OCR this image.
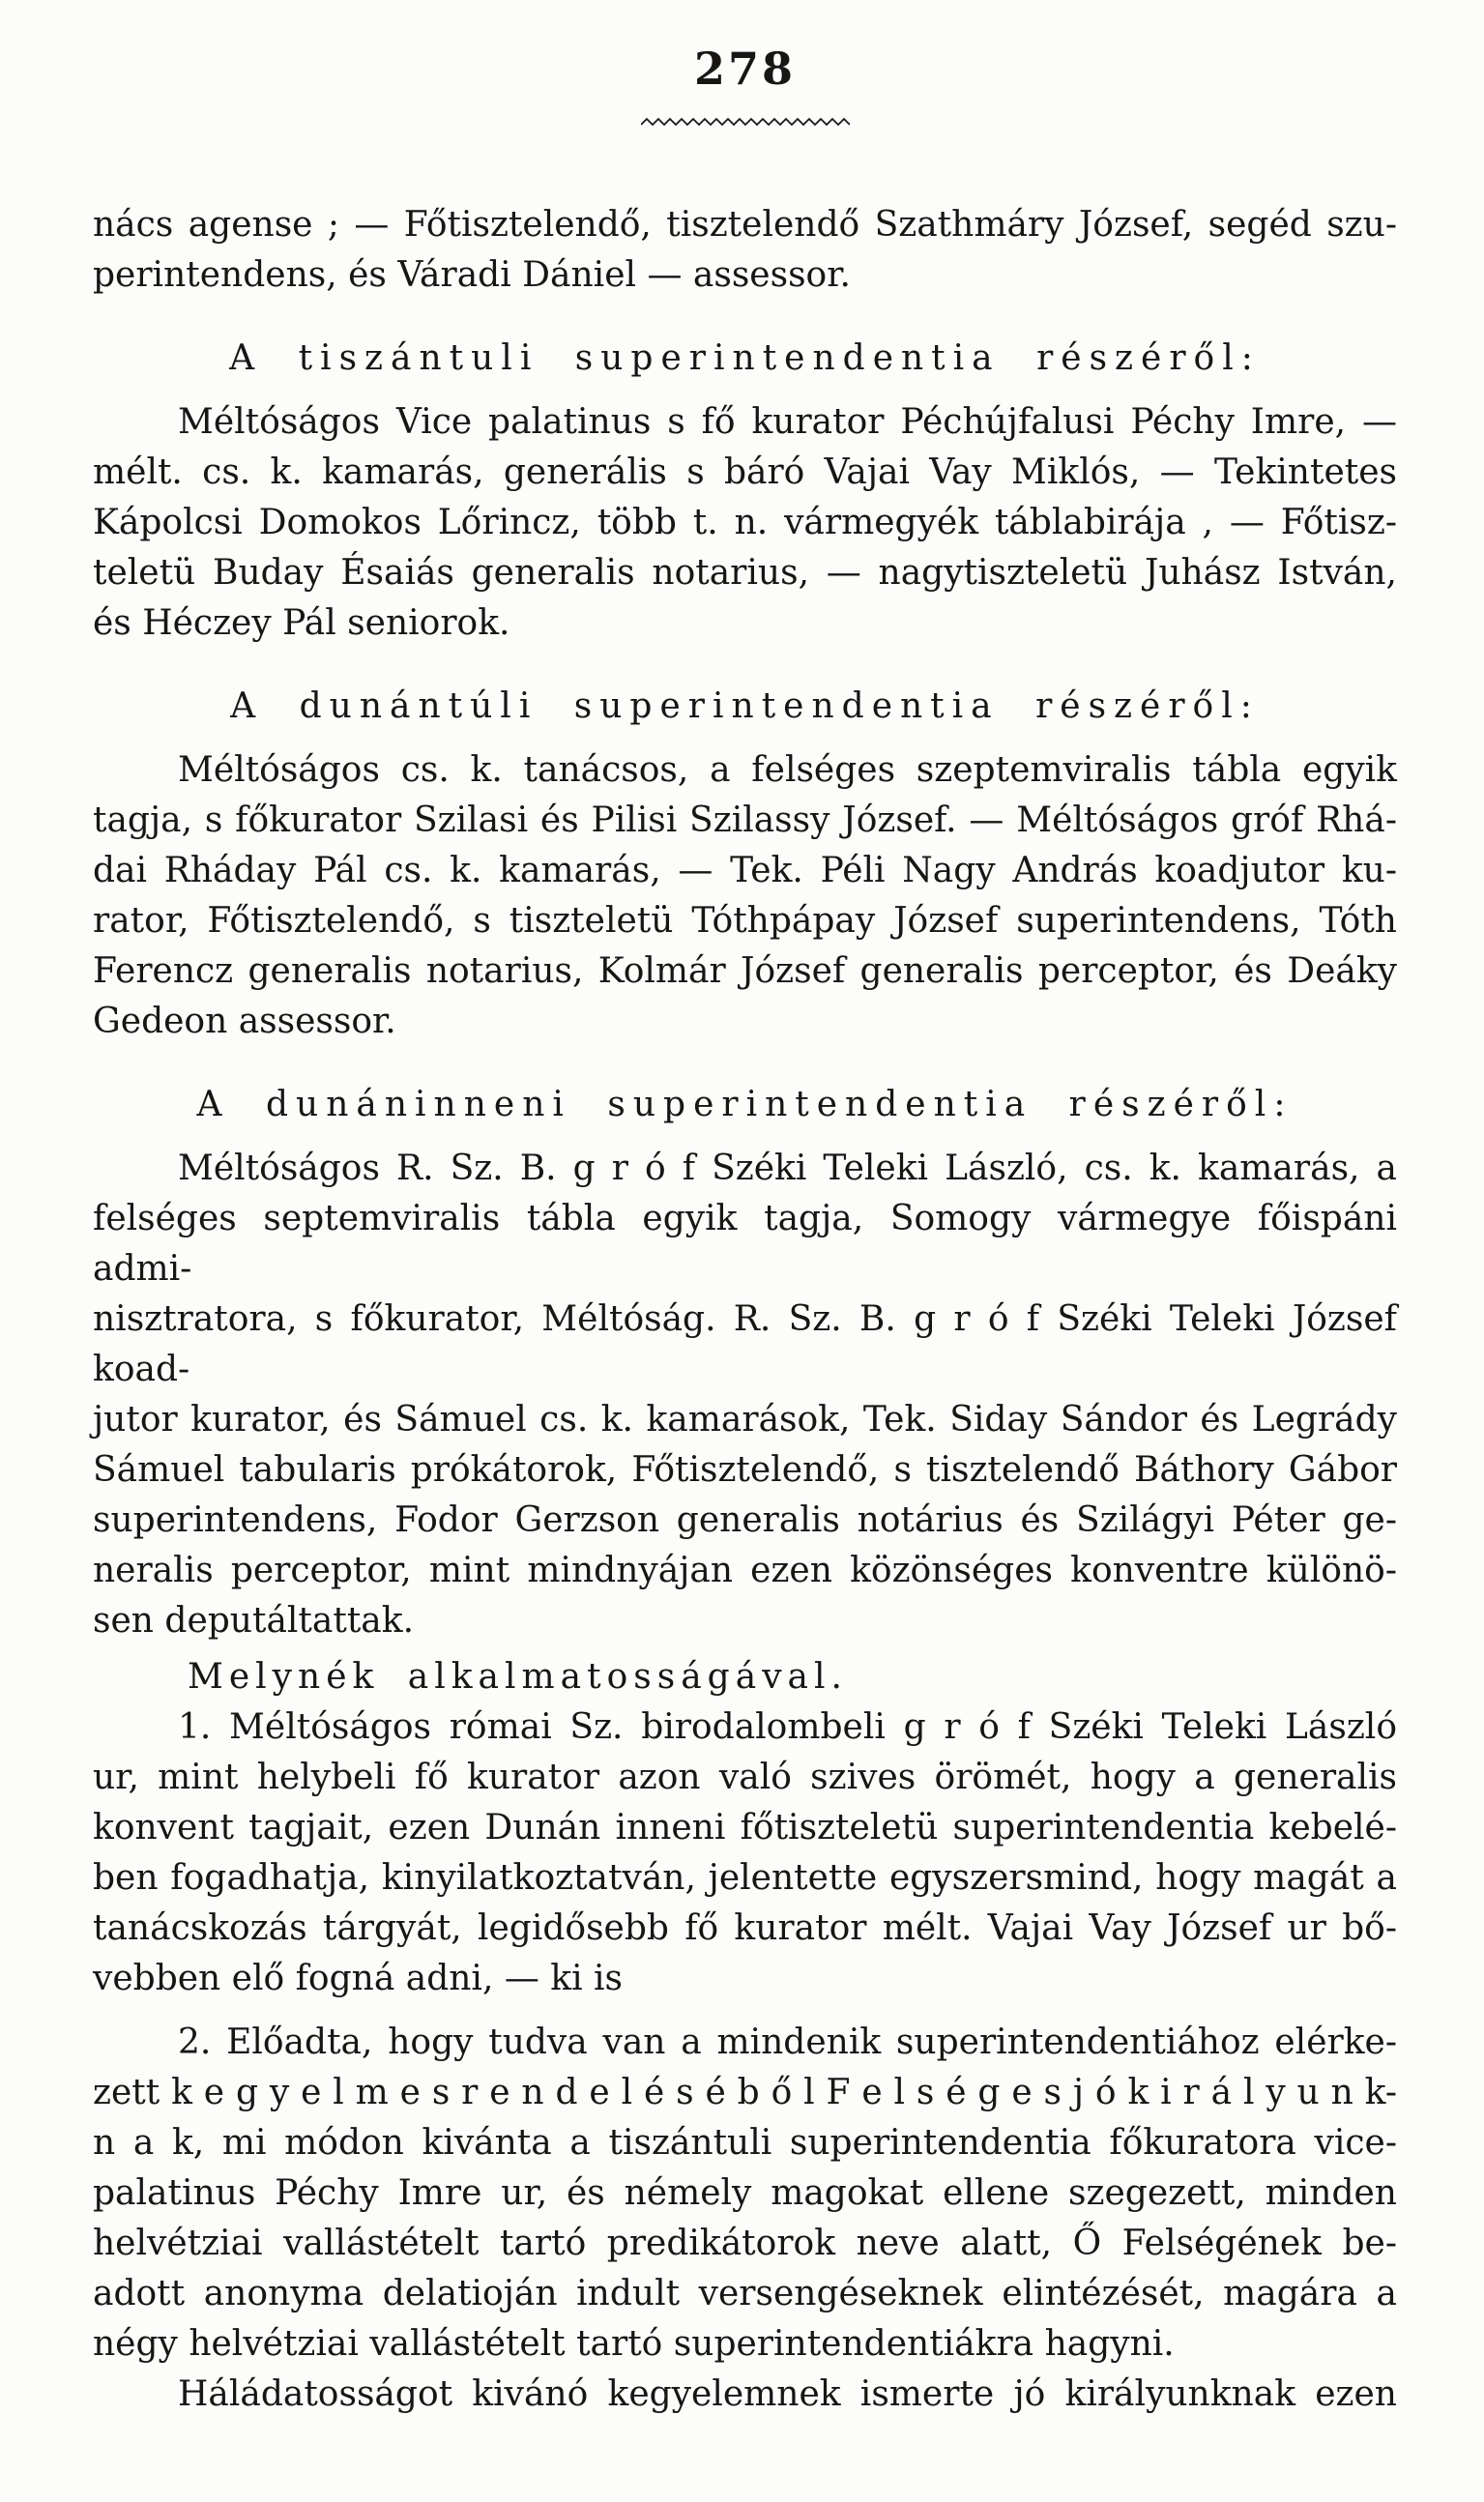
278
nács agense ; — Főtisztelendő, tisztelendő Szathmáry József, segéd szu-
perintendens, és Váradi Dániel — assessor.
A tiszántuli superintendentia részéről:
Méltóságos Vice palatinus s fő kurator Péchújfalusi Péchy Imre, —
mélt. cs. k. kamarás, generális s báró Vajai Vay Miklós, — Tekintetes
Kápolcsi Domokos Lőrincz, több t. n. vármegyék táblabirája , — Főtisz-
teletü Buday Ésaiás generalis notarius, — nagytiszteletü Juhász István,
és Héczey Pál seniorok.
A dunántúli superintendentia részéről:
Méltóságos cs. k. tanácsos, a felséges szeptemviralis tábla egyik
tagja, s főkurator Szilasi és Pilisi Szilassy József. — Méltóságos gróf Rhá-
dai Rháday Pál cs. k. kamarás, — Tek. Péli Nagy András koadjutor ku-
rator, Főtisztelendő, s tiszteletü Tóthpápay József superintendens, Tóth
Ferencz generalis notarius, Kolmár József generalis perceptor, és Deáky
Gedeon assessor.
A dunáninneni superintendentia részéről:
Méltóságos R. Sz. B. g r ó f Széki Teleki László, cs. k. kamarás, a
felséges septemviralis tábla egyik tagja, Somogy vármegye főispáni admi-
nisztratora, s főkurator, Méltóság. R. Sz. B. g r ó f Széki Teleki József koad-
jutor kurator, és Sámuel cs. k. kamarások, Tek. Siday Sándor és Legrády
Sámuel tabularis prókátorok, Főtisztelendő, s tisztelendő Báthory Gábor
superintendens, Fodor Gerzson generalis notárius és Szilágyi Péter ge-
neralis perceptor, mint mindnyájan ezen közönséges konventre különö-
sen deputáltattak.
Melynék alkalmatosságával.
1. Méltóságos római Sz. birodalombeli g r ó f Széki Teleki László
ur, mint helybeli fő kurator azon való szives örömét, hogy a generalis
konvent tagjait, ezen Dunán inneni főtiszteletü superintendentia kebelé-
ben fogadhatja, kinyilatkoztatván, jelentette egyszersmind, hogy magát a
tanácskozás tárgyát, legidősebb fő kurator mélt. Vajai Vay József ur bő-
vebben elő fogná adni, — ki is
2. Előadta, hogy tudva van a mindenik superintendentiához elérke-
zett k e g y e l m e s r e n d e l é s é b ő l F e l s é g e s j ó k i r á l y u n k-
n a k, mi módon kivánta a tiszántuli superintendentia főkuratora vice-
palatinus Péchy Imre ur, és némely magokat ellene szegezett, minden
helvétziai vallástételt tartó predikátorok neve alatt, Ő Felségének be-
adott anonyma delatioján indult versengéseknek elintézését, magára a
négy helvétziai vallástételt tartó superintendentiákra hagyni.
Háládatosságot kivánó kegyelemnek ismerte jó királyunknak ezen
